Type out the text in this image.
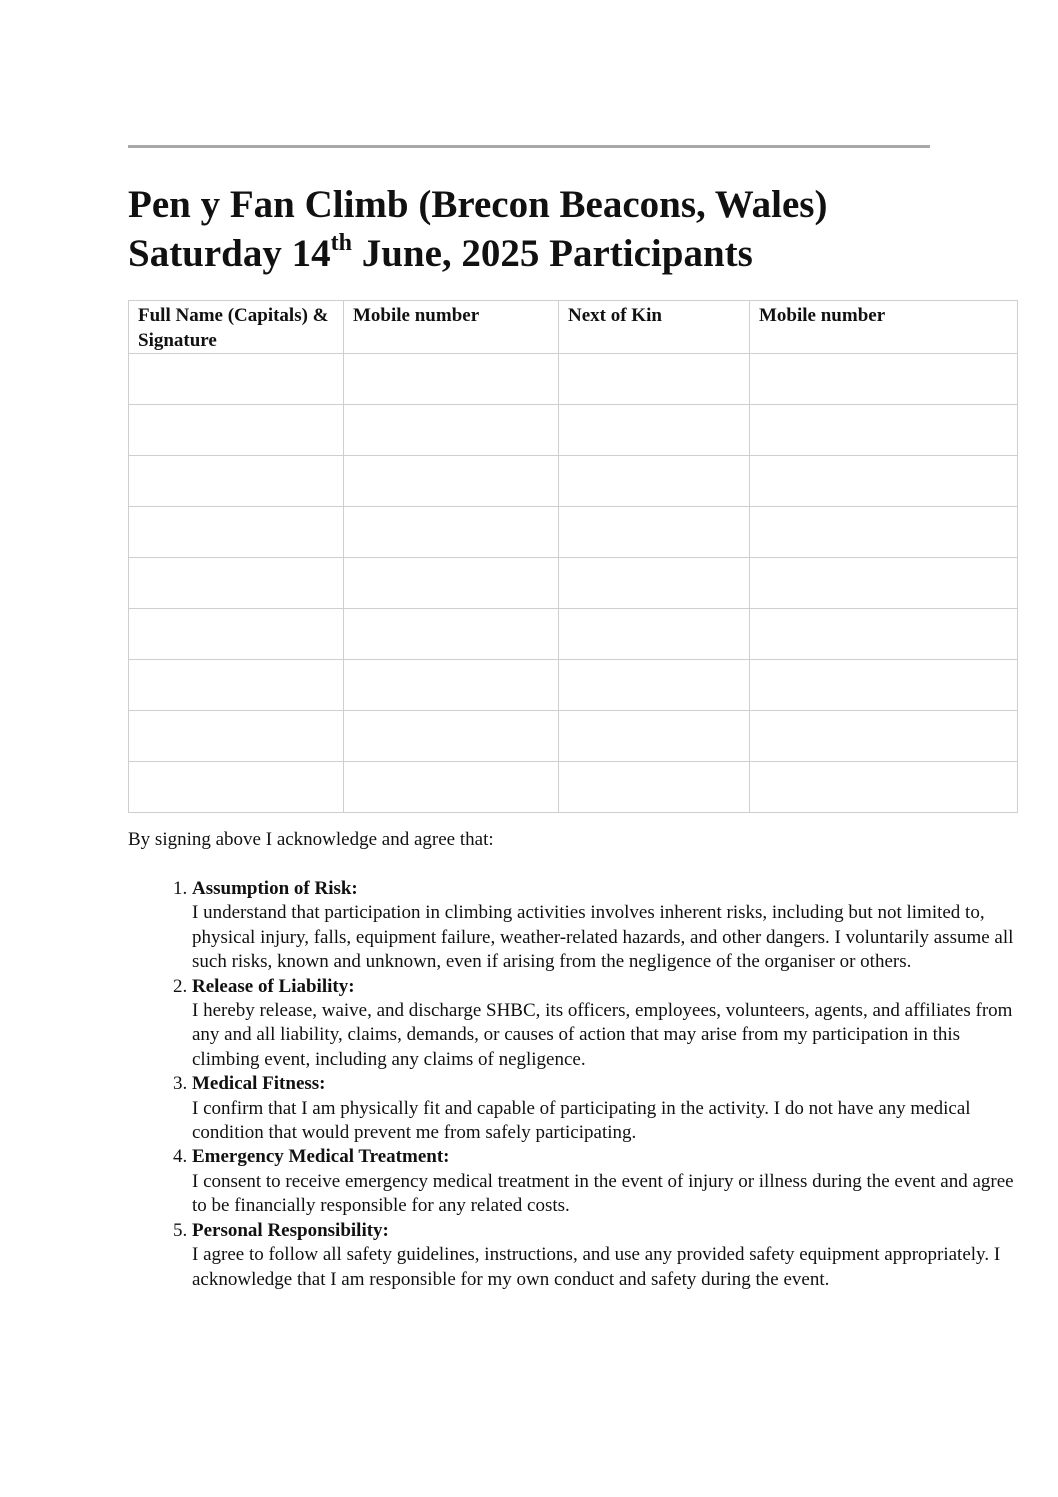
Pen y Fan Climb (Brecon Beacons, Wales)
Saturday 14th June, 2025 Participants
Full Name (Capitals) & Signature	Mobile number	Next of Kin	Mobile number

By signing above I acknowledge and agree that:

1. Assumption of Risk:
I understand that participation in climbing activities involves inherent risks, including but not limited to, physical injury, falls, equipment failure, weather-related hazards, and other dangers. I voluntarily assume all such risks, known and unknown, even if arising from the negligence of the organiser or others.
2. Release of Liability:
I hereby release, waive, and discharge SHBC, its officers, employees, volunteers, agents, and affiliates from any and all liability, claims, demands, or causes of action that may arise from my participation in this climbing event, including any claims of negligence.
3. Medical Fitness:
I confirm that I am physically fit and capable of participating in the activity. I do not have any medical condition that would prevent me from safely participating.
4. Emergency Medical Treatment:
I consent to receive emergency medical treatment in the event of injury or illness during the event and agree to be financially responsible for any related costs.
5. Personal Responsibility:
I agree to follow all safety guidelines, instructions, and use any provided safety equipment appropriately. I acknowledge that I am responsible for my own conduct and safety during the event.
